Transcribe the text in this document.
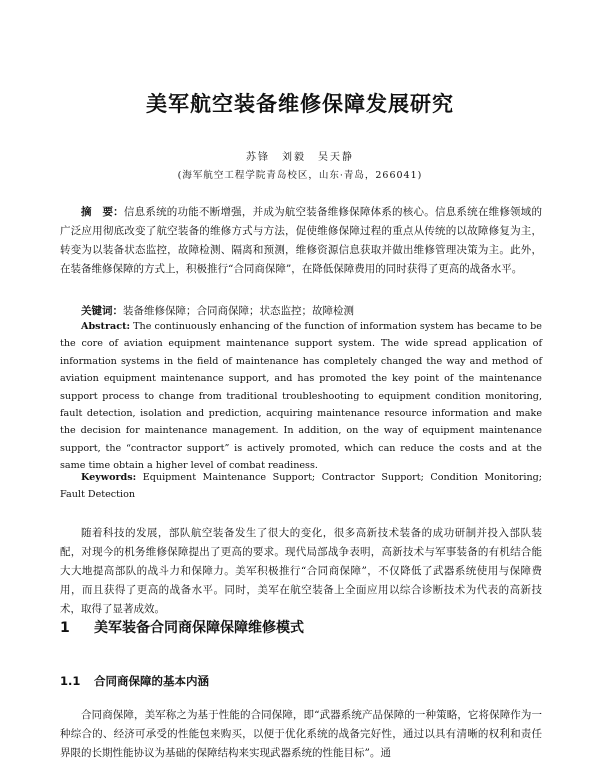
美军航空装备维修保障发展研究
苏锋　刘毅　吴天静
(海军航空工程学院青岛校区，山东·青岛，266041)
摘　要：信息系统的功能不断增强，并成为航空装备维修保障体系的核心。信息系统在维修领域的广泛应用彻底改变了航空装备的维修方式与方法，促使维修保障过程的重点从传统的以故障修复为主，转变为以装备状态监控，故障检测、隔离和预测，维修资源信息获取并做出维修管理决策为主。此外，在装备维修保障的方式上，积极推行“合同商保障”，在降低保障费用的同时获得了更高的战备水平。
关键词：装备维修保障；合同商保障；状态监控；故障检测
Abstract: The continuously enhancing of the function of information system has became to be the core of aviation equipment maintenance support system. The wide spread application of information systems in the field of maintenance has completely changed the way and method of aviation equipment maintenance support, and has promoted the key point of the maintenance support process to change from traditional troubleshooting to equipment condition monitoring, fault detection, isolation and prediction, acquiring maintenance resource information and make the decision for maintenance management. In addition, on the way of equipment maintenance support, the “contractor support” is actively promoted, which can reduce the costs and at the same time obtain a higher level of combat readiness.
Keywords: Equipment Maintenance Support; Contractor Support; Condition Monitoring; Fault Detection
随着科技的发展，部队航空装备发生了很大的变化，很多高新技术装备的成功研制并投入部队装配，对现今的机务维修保障提出了更高的要求。现代局部战争表明，高新技术与军事装备的有机结合能大大地提高部队的战斗力和保障力。美军积极推行“合同商保障”，不仅降低了武器系统使用与保障费用，而且获得了更高的战备水平。同时，美军在航空装备上全面应用以综合诊断技术为代表的高新技术，取得了显著成效。
1 美军装备合同商保障保障维修模式
1.1 合同商保障的基本内涵
合同商保障，美军称之为基于性能的合同保障，即“武器系统产品保障的一种策略，它将保障作为一种综合的、经济可承受的性能包来购买，以便于优化系统的战备完好性，通过以具有清晰的权利和责任界限的长期性能协议为基础的保障结构来实现武器系统的性能目标”。通
